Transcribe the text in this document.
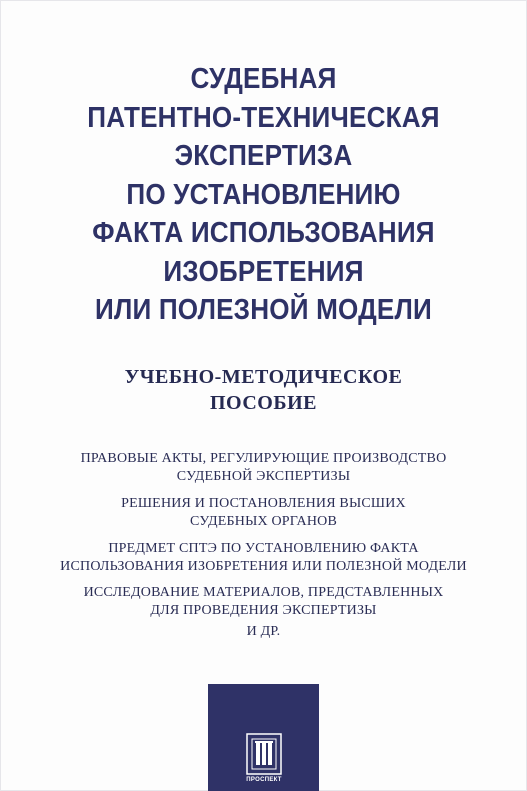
СУДЕБНАЯ
ПАТЕНТНО-ТЕХНИЧЕСКАЯ
ЭКСПЕРТИЗА
ПО УСТАНОВЛЕНИЮ
ФАКТА ИСПОЛЬЗОВАНИЯ
ИЗОБРЕТЕНИЯ
ИЛИ ПОЛЕЗНОЙ МОДЕЛИ
УЧЕБНО-МЕТОДИЧЕСКОЕ
ПОСОБИЕ

ПРАВОВЫЕ АКТЫ, РЕГУЛИРУЮЩИЕ ПРОИЗВОДСТВО
СУДЕБНОЙ ЭКСПЕРТИЗЫ

РЕШЕНИЯ И ПОСТАНОВЛЕНИЯ ВЫСШИХ
СУДЕБНЫХ ОРГАНОВ

ПРЕДМЕТ СПТЭ ПО УСТАНОВЛЕНИЮ ФАКТА
ИСПОЛЬЗОВАНИЯ ИЗОБРЕТЕНИЯ ИЛИ ПОЛЕЗНОЙ МОДЕЛИ

ИССЛЕДОВАНИЕ МАТЕРИАЛОВ, ПРЕДСТАВЛЕННЫХ
ДЛЯ ПРОВЕДЕНИЯ ЭКСПЕРТИЗЫ

И ДР.

ПРОСПЕКТ
